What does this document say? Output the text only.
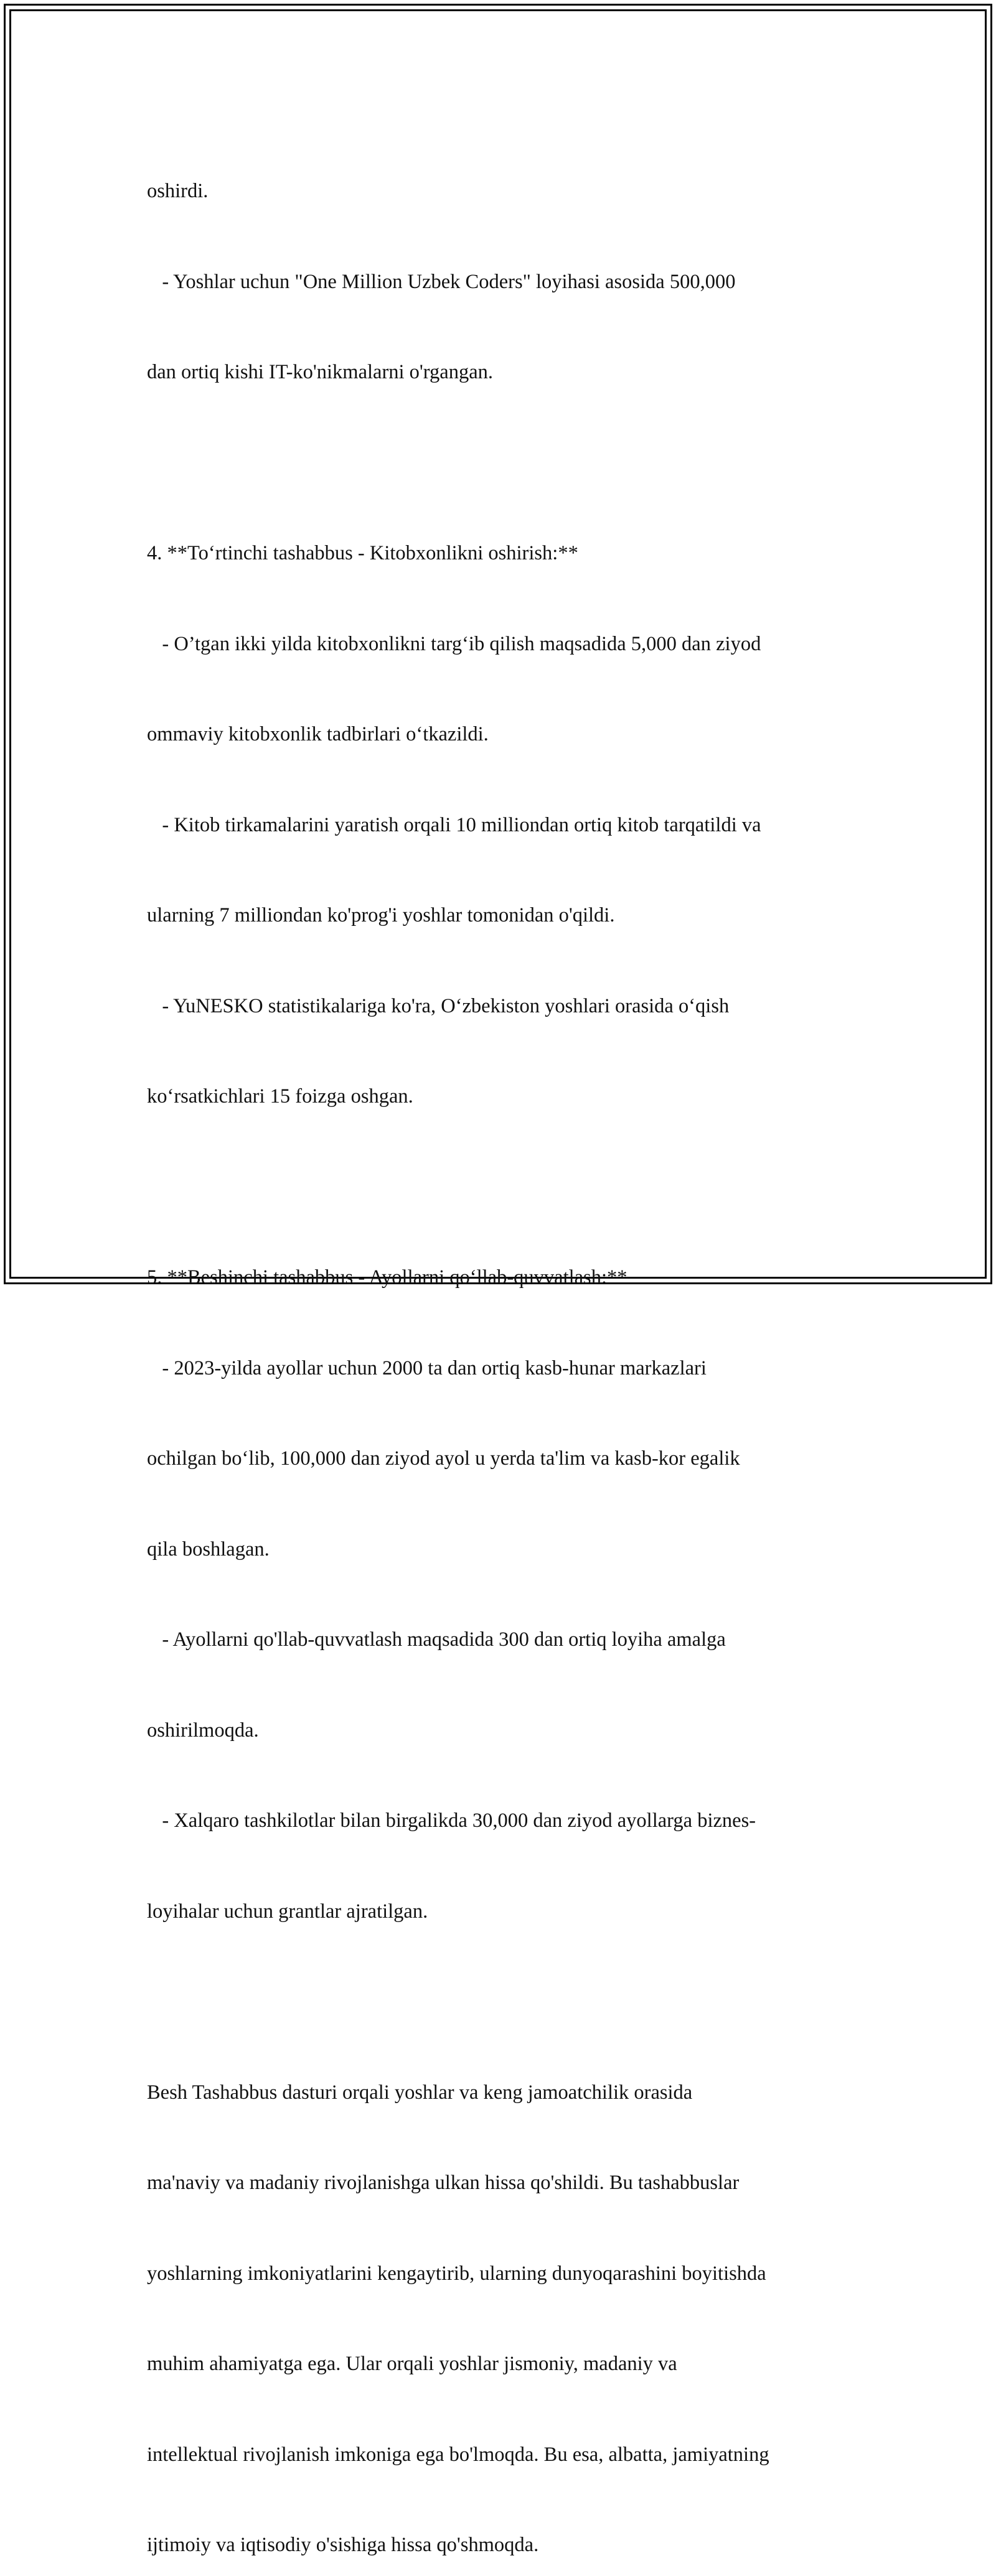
oshirdi.

- Yoshlar uchun "One Million Uzbek Coders" loyihasi asosida 500,000

dan ortiq kishi IT-ko'nikmalarni o'rgangan.

4. **To‘rtinchi tashabbus - Kitobxonlikni oshirish:**

- O’tgan ikki yilda kitobxonlikni targ‘ib qilish maqsadida 5,000 dan ziyod

ommaviy kitobxonlik tadbirlari o‘tkazildi.

- Kitob tirkamalarini yaratish orqali 10 milliondan ortiq kitob tarqatildi va

ularning 7 milliondan ko'prog'i yoshlar tomonidan o'qildi.

- YuNESKO statistikalariga ko'ra, O‘zbekiston yoshlari orasida o‘qish

ko‘rsatkichlari 15 foizga oshgan.

5. **Beshinchi tashabbus - Ayollarni qo‘llab-quvvatlash:**

- 2023-yilda ayollar uchun 2000 ta dan ortiq kasb-hunar markazlari

ochilgan bo‘lib, 100,000 dan ziyod ayol u yerda ta'lim va kasb-kor egalik

qila boshlagan.

- Ayollarni qo'llab-quvvatlash maqsadida 300 dan ortiq loyiha amalga

oshirilmoqda.

- Xalqaro tashkilotlar bilan birgalikda 30,000 dan ziyod ayollarga biznes-

loyihalar uchun grantlar ajratilgan.

Besh Tashabbus dasturi orqali yoshlar va keng jamoatchilik orasida

ma'naviy va madaniy rivojlanishga ulkan hissa qo'shildi. Bu tashabbuslar

yoshlarning imkoniyatlarini kengaytirib, ularning dunyoqarashini boyitishda

muhim ahamiyatga ega. Ular orqali yoshlar jismoniy, madaniy va

intellektual rivojlanish imkoniga ega bo'lmoqda. Bu esa, albatta, jamiyatning

ijtimoiy va iqtisodiy o'sishiga hissa qo'shmoqda.
